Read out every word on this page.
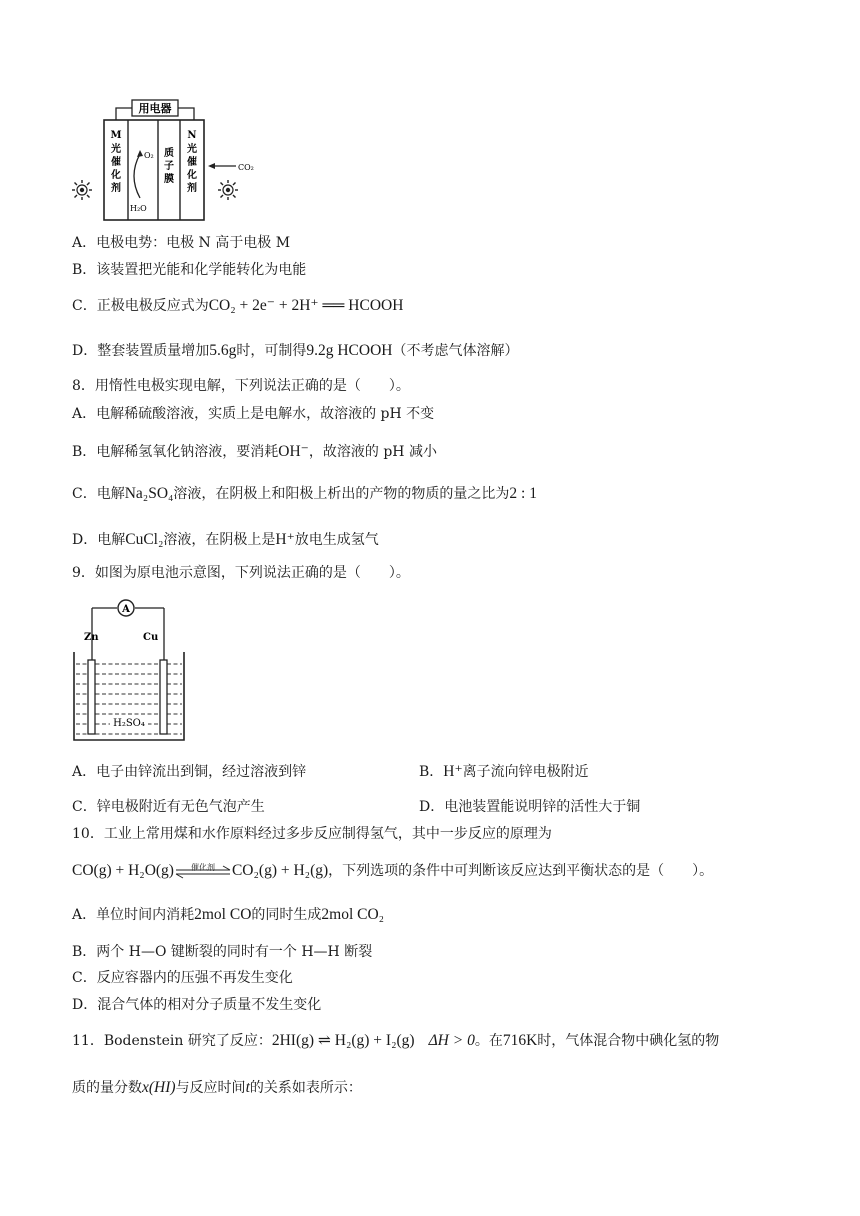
用电器
M
光
催
化
剂
质
子
膜
N
光
催
化
剂
O₂
H₂O
CO₂
A．电极电势：电极 N 高于电极 M
B．该装置把光能和化学能转化为电能
C．正极电极反应式为CO₂ + 2e⁻ + 2H⁺ ══ HCOOH
D．整套装置质量增加5.6g时，可制得9.2g HCOOH（不考虑气体溶解）
8．用惰性电极实现电解，下列说法正确的是（　　）。
A．电解稀硫酸溶液，实质上是电解水，故溶液的 pH 不变
B．电解稀氢氧化钠溶液，要消耗OH⁻，故溶液的 pH 减小
C．电解Na₂SO₄溶液，在阴极上和阳极上析出的产物的物质的量之比为2 : 1
D．电解CuCl₂溶液，在阴极上是H⁺放电生成氢气
9．如图为原电池示意图，下列说法正确的是（　　）。
A
Zn	Cu
H₂SO₄
A．电子由锌流出到铜，经过溶液到锌	B．H⁺离子流向锌电极附近
C．锌电极附近有无色气泡产生	D．电池装置能说明锌的活性大于铜
10．工业上常用煤和水作原料经过多步反应制得氢气，其中一步反应的原理为
CO(g) + H₂O(g)	催化剂	CO₂(g) + H₂(g)，下列选项的条件中可判断该反应达到平衡状态的是（　　）。
A．单位时间内消耗2mol CO的同时生成2mol CO₂
B．两个 H—O 键断裂的同时有一个 H—H 断裂
C．反应容器内的压强不再发生变化
D．混合气体的相对分子质量不发生变化
11．Bodenstein 研究了反应：2HI(g) ⇌ H₂(g) + I₂(g)　 ΔH > 0。在716K时，气体混合物中碘化氢的物
质的量分数x(HI)与反应时间t的关系如表所示：
